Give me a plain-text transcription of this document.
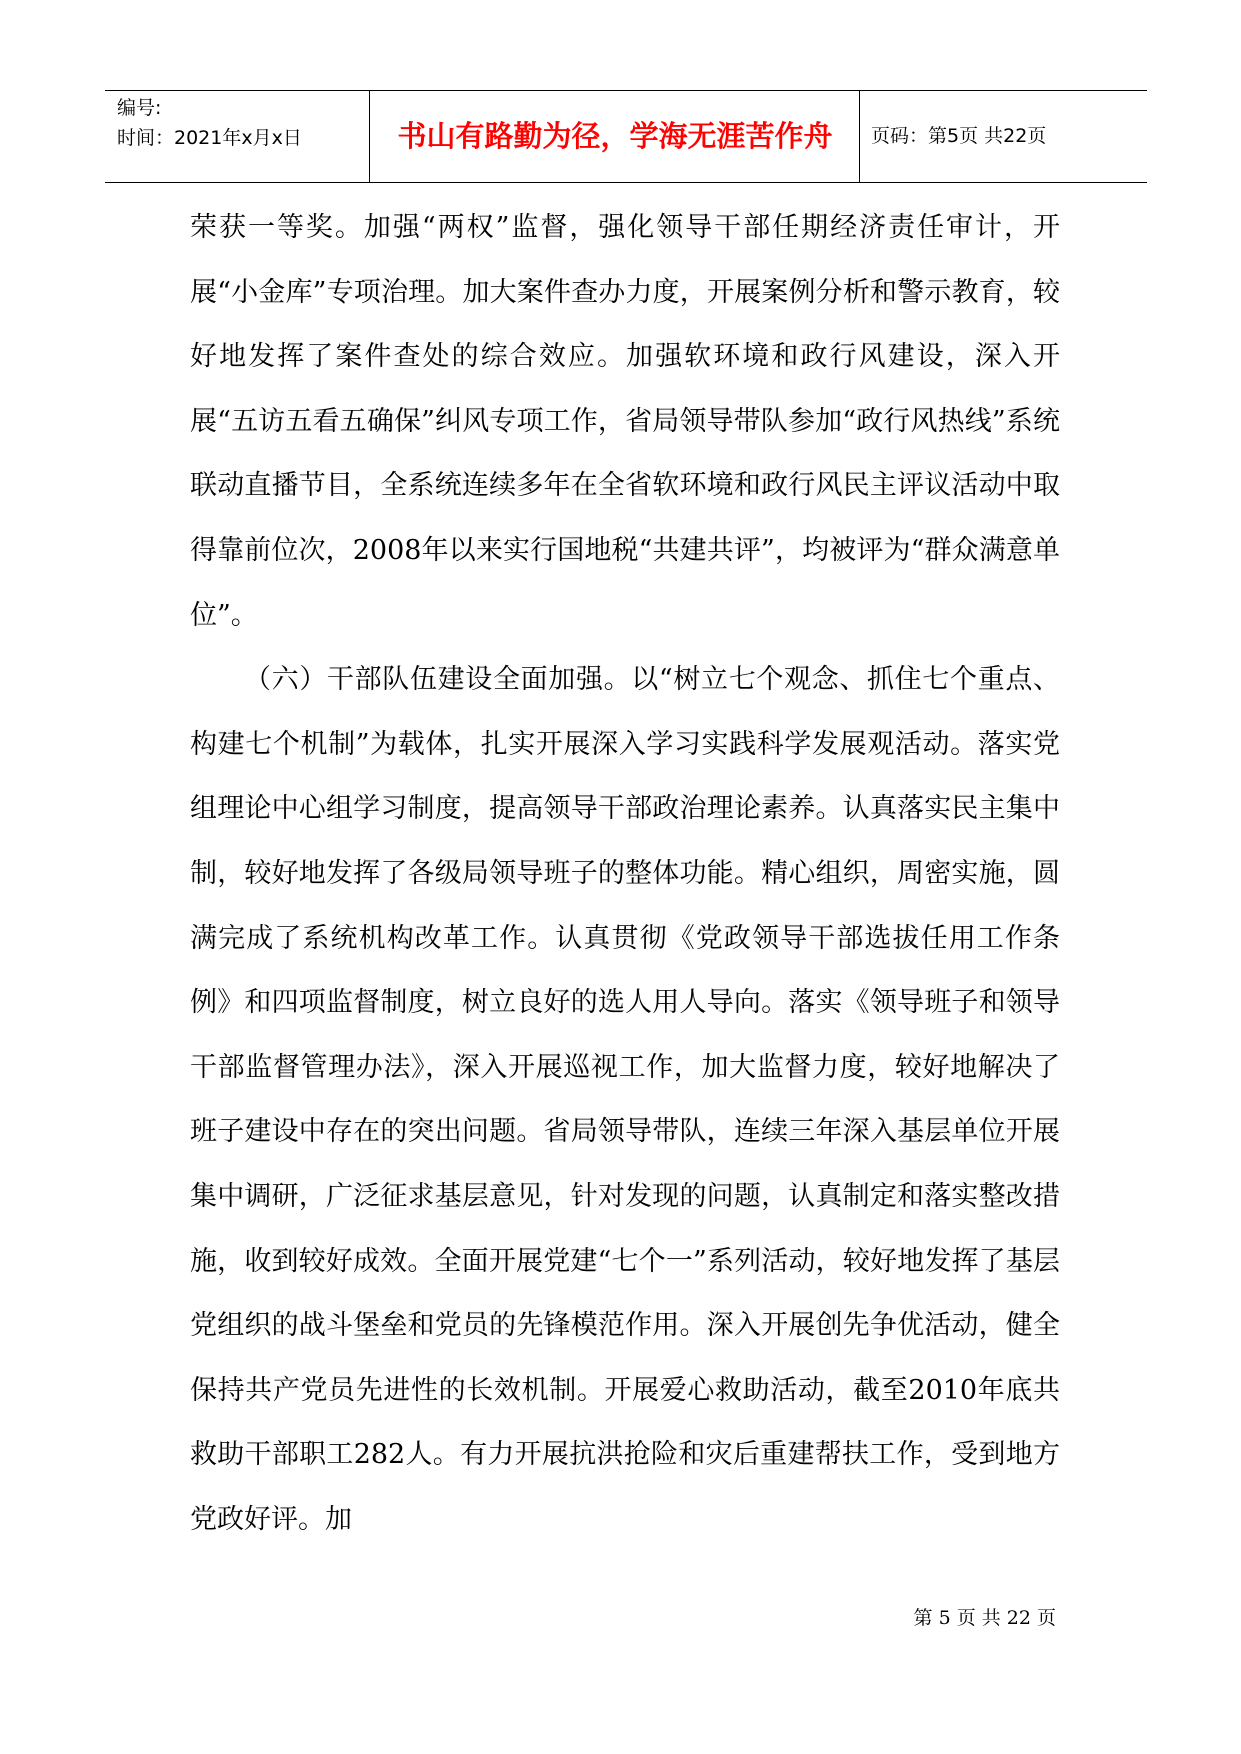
编号:
时间：2021年x月x日	书山有路勤为径，学海无涯苦作舟	页码：第5页 共22页

荣获一等奖。加强“两权”监督，强化领导干部任期经济责任审计，开展“小金库”专项治理。加大案件查办力度，开展案例分析和警示教育，较好地发挥了案件查处的综合效应。加强软环境和政行风建设，深入开展“五访五看五确保”纠风专项工作，省局领导带队参加“政行风热线”系统联动直播节目，全系统连续多年在全省软环境和政行风民主评议活动中取得靠前位次，2008年以来实行国地税“共建共评”，均被评为“群众满意单位”。

（六）干部队伍建设全面加强。以“树立七个观念、抓住七个重点、构建七个机制”为载体，扎实开展深入学习实践科学发展观活动。落实党组理论中心组学习制度，提高领导干部政治理论素养。认真落实民主集中制，较好地发挥了各级局领导班子的整体功能。精心组织，周密实施，圆满完成了系统机构改革工作。认真贯彻《党政领导干部选拔任用工作条例》和四项监督制度，树立良好的选人用人导向。落实《领导班子和领导干部监督管理办法》，深入开展巡视工作，加大监督力度，较好地解决了班子建设中存在的突出问题。省局领导带队，连续三年深入基层单位开展集中调研，广泛征求基层意见，针对发现的问题，认真制定和落实整改措施，收到较好成效。全面开展党建“七个一”系列活动，较好地发挥了基层党组织的战斗堡垒和党员的先锋模范作用。深入开展创先争优活动，健全保持共产党员先进性的长效机制。开展爱心救助活动，截至2010年底共救助干部职工282人。有力开展抗洪抢险和灾后重建帮扶工作，受到地方党政好评。加

第 5 页 共 22 页
